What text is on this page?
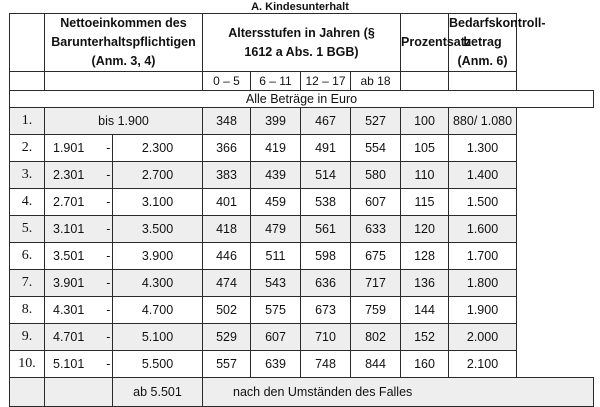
A. Kindesunterhalt
	Nettoeinkommen des Barunterhaltspflichtigen (Anm. 3, 4)		Altersstufen in Jahren (§ 1612 a Abs. 1 BGB)				Prozentsatz	Bedarfskontroll-betrag (Anm. 6)
			0 – 5	6 – 11	12 – 17	ab 18		
Alle Beträge in Euro								
1.	bis 1.900		348	399	467	527	100	880/ 1.080
2.	1.901 -	2.300	366	419	491	554	105	1.300
3.	2.301 -	2.700	383	439	514	580	110	1.400
4.	2.701 -	3.100	401	459	538	607	115	1.500
5.	3.101 -	3.500	418	479	561	633	120	1.600
6.	3.501 -	3.900	446	511	598	675	128	1.700
7.	3.901 -	4.300	474	543	636	717	136	1.800
8.	4.301 -	4.700	502	575	673	759	144	1.900
9.	4.701 -	5.100	529	607	710	802	152	2.000
10.	5.101 -	5.500	557	639	748	844	160	2.100
		ab 5.501	nach den Umständen des Falles					
